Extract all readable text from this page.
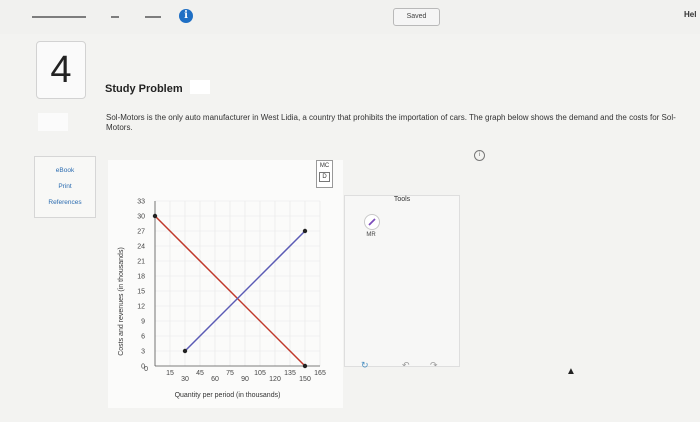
i	Saved	Hel
4
eBook
Print
References
Study Problem
Sol-Motors is the only auto manufacturer in West Lidia, a country that prohibits the importation of cars. The graph below shows the demand and the costs for Sol-Motors.
i
33
30
27
24
21
18
15
12
9
6
3
0
15
30
45
60
75
90
105
120
135
150
165
0
Quantity per period (in thousands)
Costs and revenues (in thousands)
MC
D
Tools
MR
↻	↶ ↷
▲
